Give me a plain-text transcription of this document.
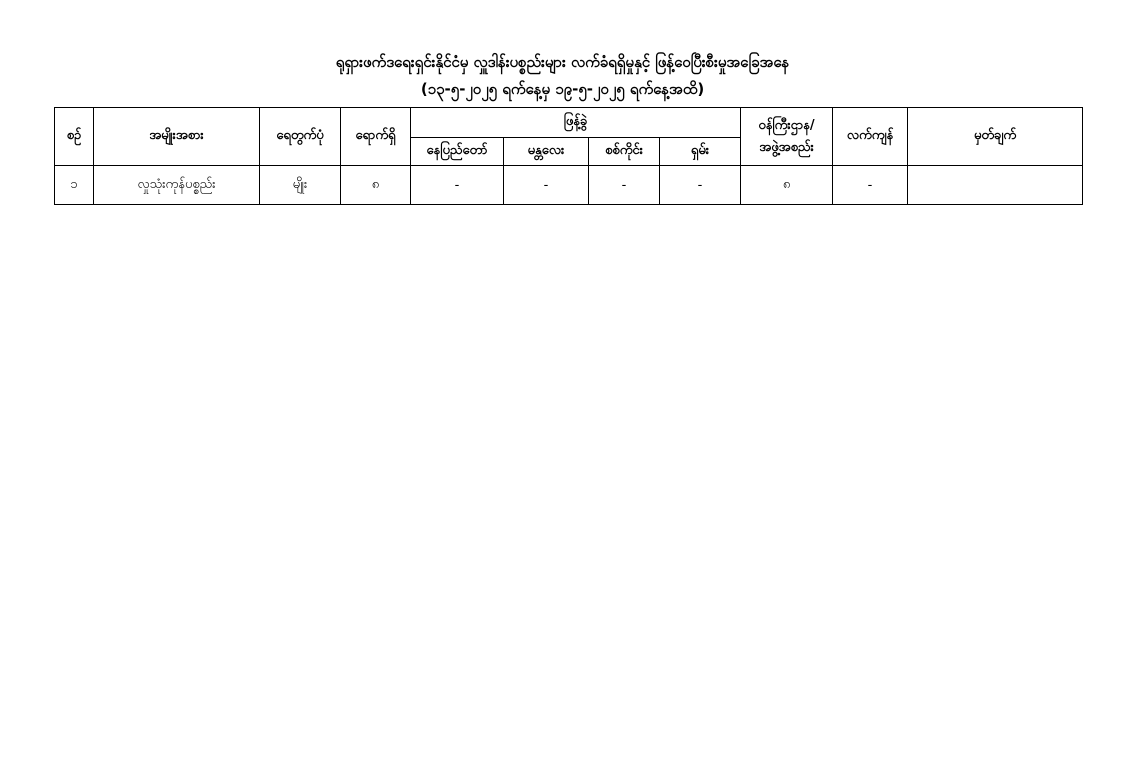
ရုရှားဖက်ဒရေးရှင်းနိုင်ငံမှ လှူဒါန်းပစ္စည်းများ လက်ခံရရှိမှုနှင့် ဖြန့်ဝေပြီးစီးမှုအခြေအနေ
(၁၃-၅-၂၀၂၅ ရက်နေ့မှ ၁၉-၅-၂၀၂၅ ရက်နေ့အထိ)
စဉ်	အမျိုးအစား	ရေတွက်ပုံ	ရောက်ရှိ	ဖြန့်ခွဲ				ဝန်ကြီးဌာန/
အဖွဲ့အစည်း	လက်ကျန်	မှတ်ချက်
				နေပြည်တော်	မန္တလေး	စစ်ကိုင်း	ရှမ်း			
၁	လှုသုံးကုန်ပစ္စည်း	မျိုး	၈	-	-	-	-	၈	-	
